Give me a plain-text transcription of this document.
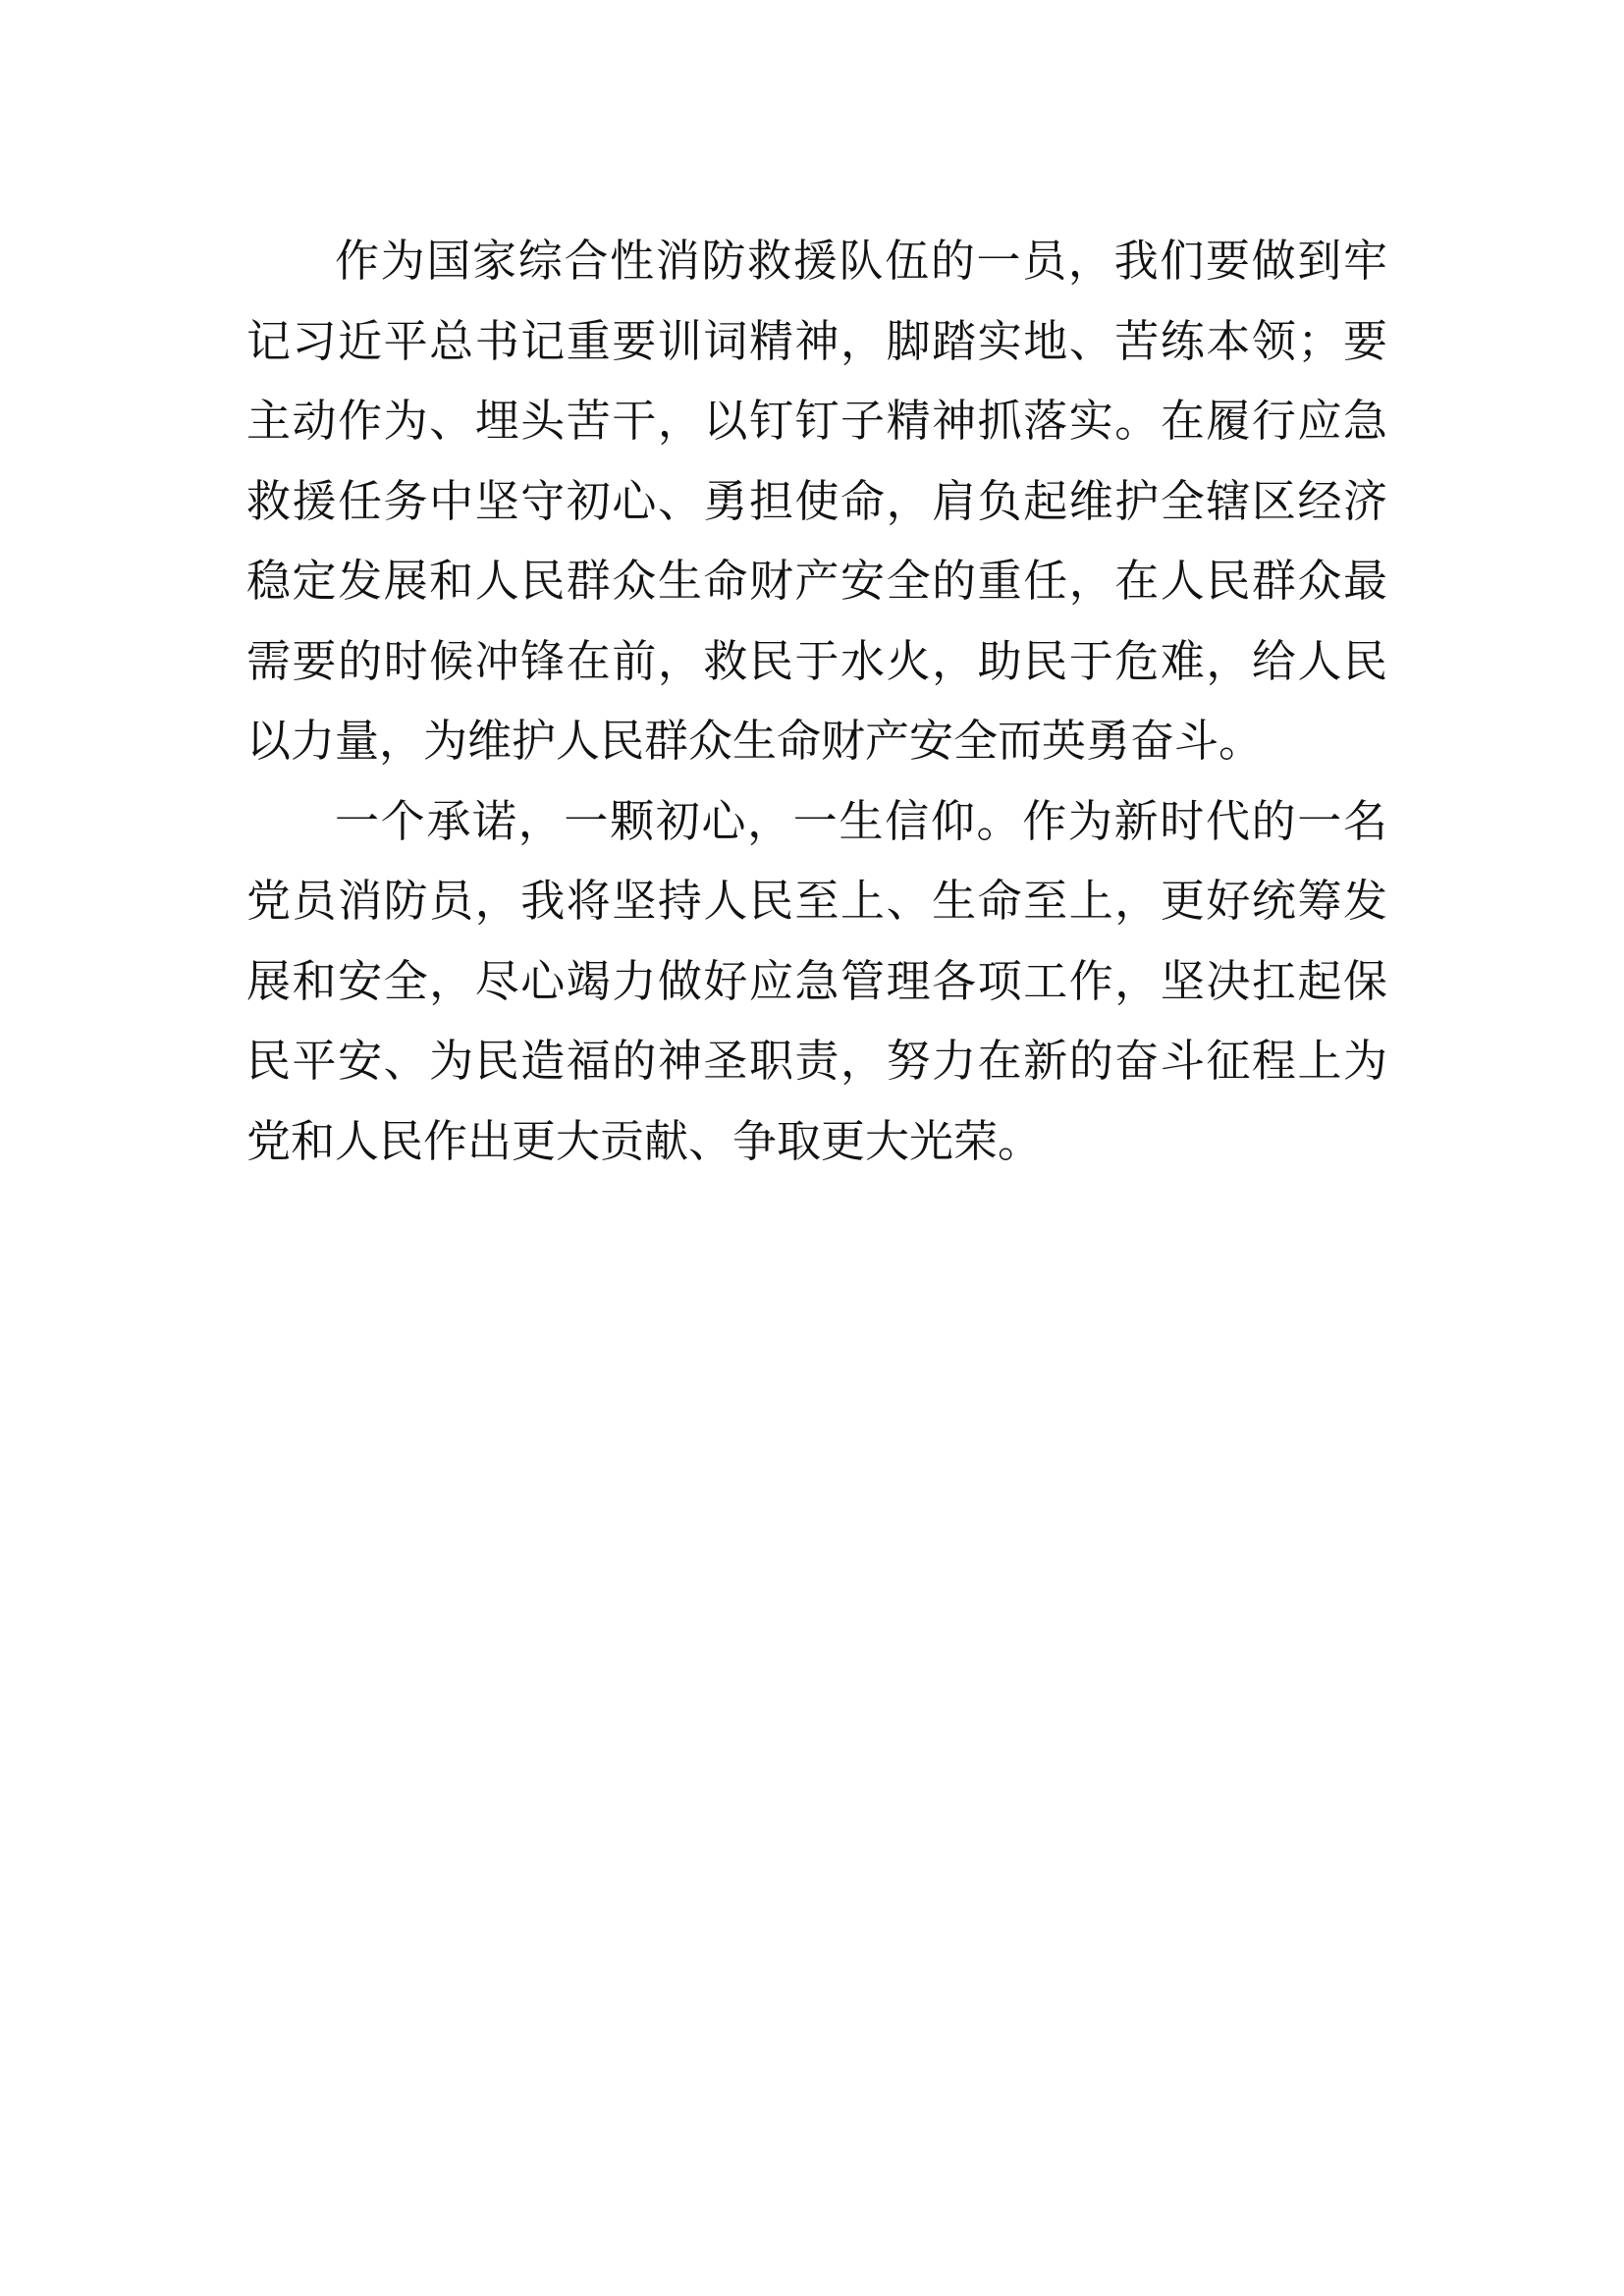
作为国家综合性消防救援队伍的一员，我们要做到牢记习近平总书记重要训词精神，脚踏实地、苦练本领；要主动作为、埋头苦干，以钉钉子精神抓落实。在履行应急救援任务中坚守初心、勇担使命，肩负起维护全辖区经济稳定发展和人民群众生命财产安全的重任，在人民群众最需要的时候冲锋在前，救民于水火，助民于危难，给人民以力量，为维护人民群众生命财产安全而英勇奋斗。

一个承诺，一颗初心，一生信仰。作为新时代的一名党员消防员，我将坚持人民至上、生命至上，更好统筹发展和安全，尽心竭力做好应急管理各项工作，坚决扛起保民平安、为民造福的神圣职责，努力在新的奋斗征程上为党和人民作出更大贡献、争取更大光荣。
